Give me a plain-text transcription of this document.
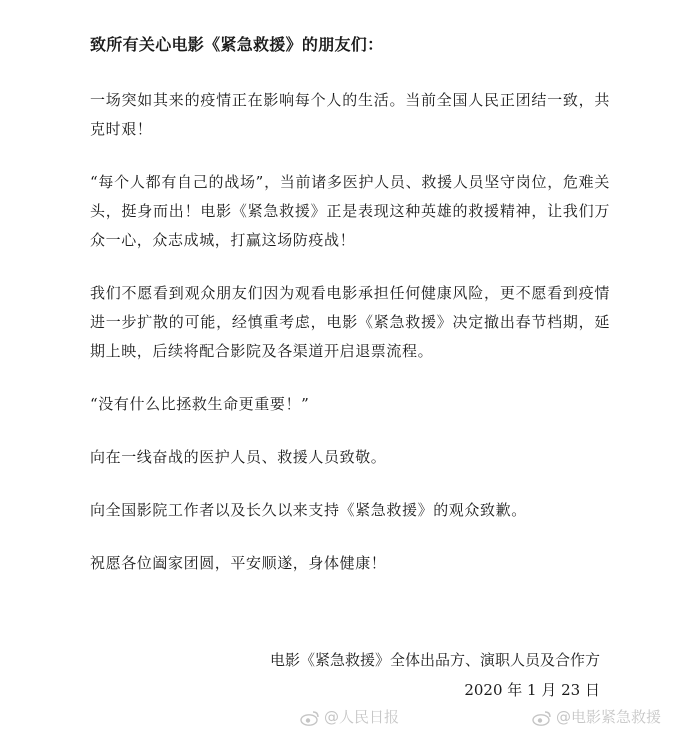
致所有关心电影《紧急救援》的朋友们：

一场突如其来的疫情正在影响每个人的生活。当前全国人民正团结一致，共克时艰！

“每个人都有自己的战场”，当前诸多医护人员、救援人员坚守岗位，危难关头，挺身而出！电影《紧急救援》正是表现这种英雄的救援精神，让我们万众一心，众志成城，打赢这场防疫战！

我们不愿看到观众朋友们因为观看电影承担任何健康风险，更不愿看到疫情进一步扩散的可能，经慎重考虑，电影《紧急救援》决定撤出春节档期，延期上映，后续将配合影院及各渠道开启退票流程。

“没有什么比拯救生命更重要！”

向在一线奋战的医护人员、救援人员致敬。

向全国影院工作者以及长久以来支持《紧急救援》的观众致歉。

祝愿各位阖家团圆，平安顺遂，身体健康！

电影《紧急救援》全体出品方、演职人员及合作方
2020 年 1 月 23 日
@人民日报	@电影紧急救援
